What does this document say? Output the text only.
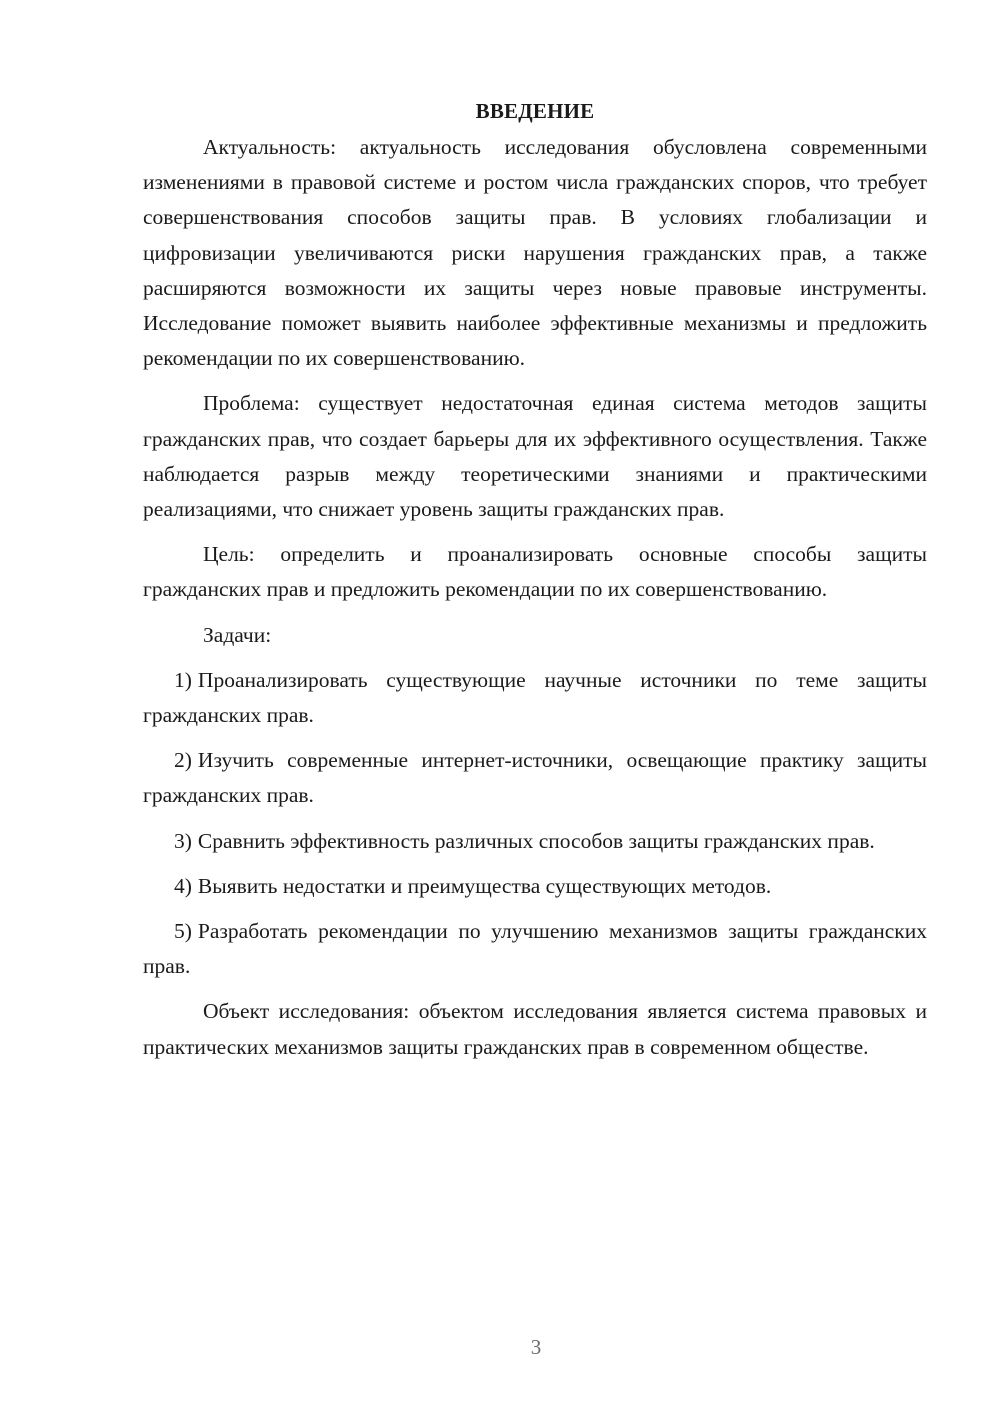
ВВЕДЕНИЕ

Актуальность: актуальность исследования обусловлена современными изменениями в правовой системе и ростом числа гражданских споров, что требует совершенствования способов защиты прав. В условиях глобализации и цифровизации увеличиваются риски нарушения гражданских прав, а также расширяются возможности их защиты через новые правовые инструменты. Исследование поможет выявить наиболее эффективные механизмы и предложить рекомендации по их совершенствованию.

Проблема: существует недостаточная единая система методов защиты гражданских прав, что создает барьеры для их эффективного осуществления. Также наблюдается разрыв между теоретическими знаниями и практическими реализациями, что снижает уровень защиты гражданских прав.

Цель: определить и проанализировать основные способы защиты гражданских прав и предложить рекомендации по их совершенствованию.

Задачи:

1) Проанализировать существующие научные источники по теме защиты гражданских прав.

2) Изучить современные интернет-источники, освещающие практику защиты гражданских прав.

3) Сравнить эффективность различных способов защиты гражданских прав.

4) Выявить недостатки и преимущества существующих методов.

5) Разработать рекомендации по улучшению механизмов защиты гражданских прав.

Объект исследования: объектом исследования является система правовых и практических механизмов защиты гражданских прав в современном обществе.

3
